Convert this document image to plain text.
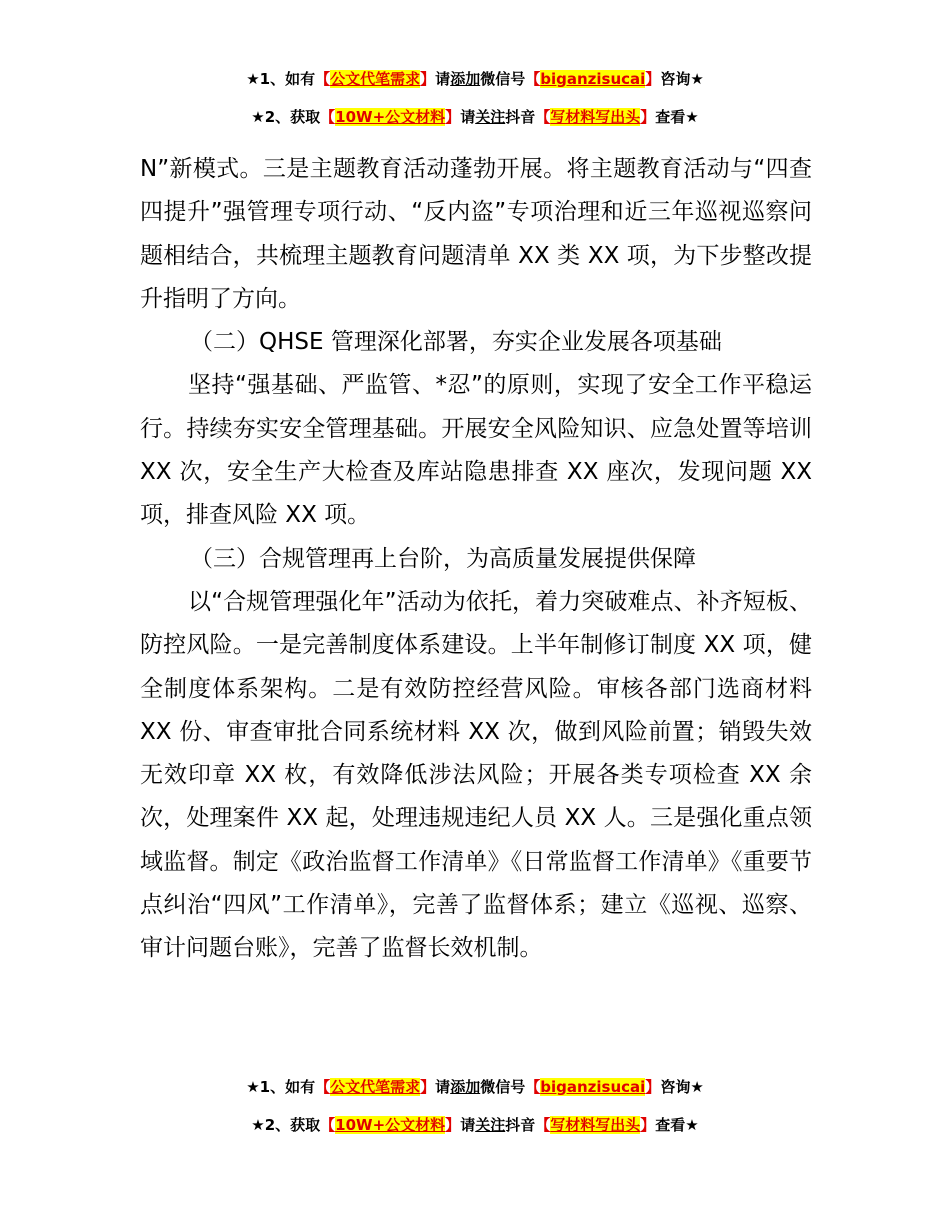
★1、如有【公文代笔需求】请添加微信号【biganzisucai】咨询★
★2、获取【10W+公文材料】请关注抖音【写材料写出头】查看★

N”新模式。三是主题教育活动蓬勃开展。将主题教育活动与“四查四提升”强管理专项行动、“反内盗”专项治理和近三年巡视巡察问题相结合，共梳理主题教育问题清单 XX 类 XX 项，为下步整改提升指明了方向。

（二）QHSE 管理深化部署，夯实企业发展各项基础

坚持“强基础、严监管、*忍”的原则，实现了安全工作平稳运行。持续夯实安全管理基础。开展安全风险知识、应急处置等培训 XX 次，安全生产大检查及库站隐患排查 XX 座次，发现问题 XX 项，排查风险 XX 项。

（三）合规管理再上台阶，为高质量发展提供保障

以“合规管理强化年”活动为依托，着力突破难点、补齐短板、防控风险。一是完善制度体系建设。上半年制修订制度 XX 项，健全制度体系架构。二是有效防控经营风险。审核各部门选商材料 XX 份、审查审批合同系统材料 XX 次，做到风险前置；销毁失效无效印章 XX 枚，有效降低涉法风险；开展各类专项检查 XX 余次，处理案件 XX 起，处理违规违纪人员 XX 人。三是强化重点领域监督。制定《政治监督工作清单》《日常监督工作清单》《重要节点纠治“四风”工作清单》，完善了监督体系；建立《巡视、巡察、审计问题台账》，完善了监督长效机制。

★1、如有【公文代笔需求】请添加微信号【biganzisucai】咨询★
★2、获取【10W+公文材料】请关注抖音【写材料写出头】查看★
